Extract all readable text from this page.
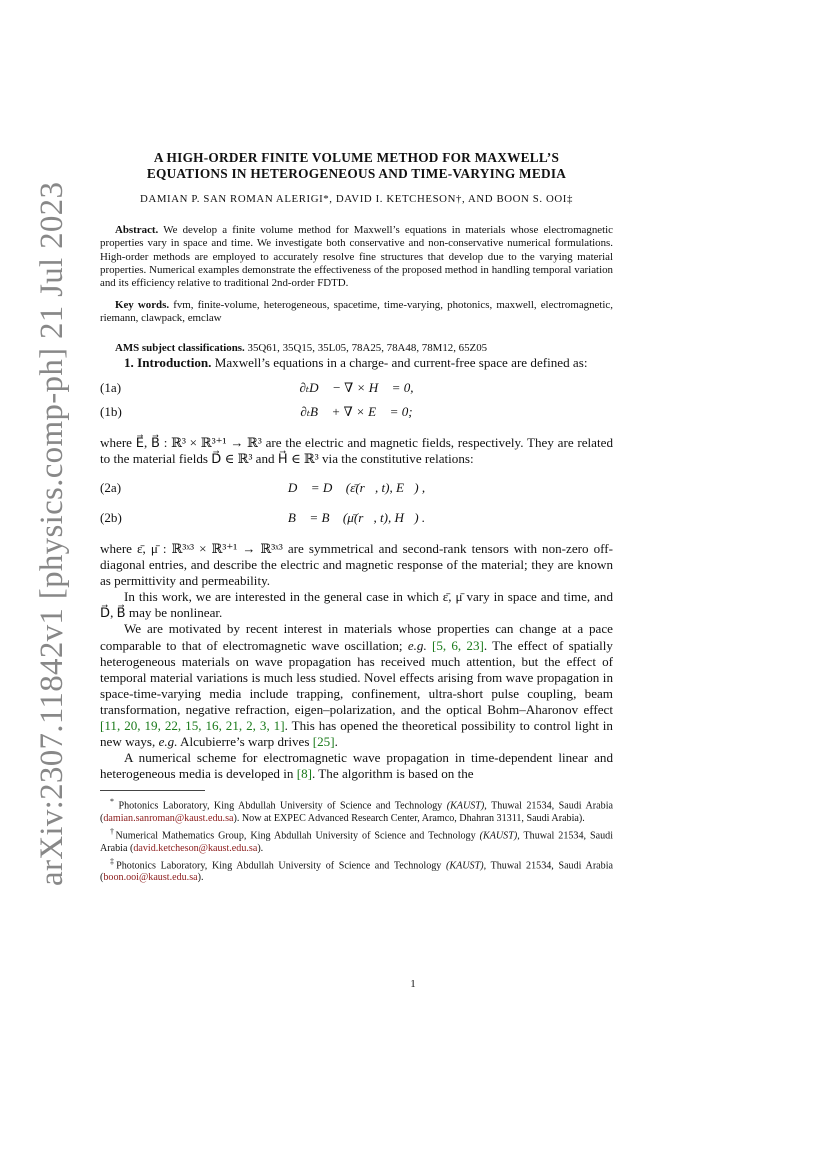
arXiv:2307.11842v1 [physics.comp-ph] 21 Jul 2023
A HIGH-ORDER FINITE VOLUME METHOD FOR MAXWELL’S
EQUATIONS IN HETEROGENEOUS AND TIME-VARYING MEDIA
DAMIAN P. SAN ROMAN ALERIGI*, DAVID I. KETCHESON†, AND BOON S. OOI‡
Abstract. We develop a finite volume method for Maxwell’s equations in materials whose electromagnetic properties vary in space and time. We investigate both conservative and non-conservative numerical formulations. High-order methods are employed to accurately resolve fine structures that develop due to the varying material properties. Numerical examples demonstrate the effectiveness of the proposed method in handling temporal variation and its efficiency relative to traditional 2nd-order FDTD.
Key words. fvm, finite-volume, heterogeneous, spacetime, time-varying, photonics, maxwell, electromagnetic, riemann, clawpack, emclaw
AMS subject classifications. 35Q61, 35Q15, 35L05, 78A25, 78A48, 78M12, 65Z05

1. Introduction. Maxwell’s equations in a charge- and current-free space are defined as:

(1a)	∂ₜD⃗ − ∇ × H⃗ = 0,
(1b)	∂ₜB⃗ + ∇ × E⃗ = 0;

where E⃗, B⃗ : ℝ³ × ℝ³⁺¹ → ℝ³ are the electric and magnetic fields, respectively. They are related to the material fields D⃗ ∈ ℝ³ and H⃗ ∈ ℝ³ via the constitutive relations:

(2a)	D⃗ = D⃗ (ε̄(r⃗, t), E⃗) ,
(2b)	B⃗ = B⃗ (μ̄(r⃗, t), H⃗) .

where ε̄, μ̄ : ℝ³ˣ³ × ℝ³⁺¹ → ℝ³ˣ³ are symmetrical and second-rank tensors with non-zero off-diagonal entries, and describe the electric and magnetic response of the material; they are known as permittivity and permeability.

In this work, we are interested in the general case in which ε̄, μ̄ vary in space and time, and D⃗, B⃗ may be nonlinear.

We are motivated by recent interest in materials whose properties can change at a pace comparable to that of electromagnetic wave oscillation; e.g. [5, 6, 23]. The effect of spatially heterogeneous materials on wave propagation has received much attention, but the effect of temporal material variations is much less studied. Novel effects arising from wave propagation in space-time-varying media include trapping, confinement, ultra-short pulse coupling, beam transformation, negative refraction, eigen–polarization, and the optical Bohm–Aharonov effect [11, 20, 19, 22, 15, 16, 21, 2, 3, 1]. This has opened the theoretical possibility to control light in new ways, e.g. Alcubierre’s warp drives [25].

A numerical scheme for electromagnetic wave propagation in time-dependent linear and heterogeneous media is developed in [8]. The algorithm is based on the

* Photonics Laboratory, King Abdullah University of Science and Technology (KAUST), Thuwal 21534, Saudi Arabia (damian.sanroman@kaust.edu.sa). Now at EXPEC Advanced Research Center, Aramco, Dhahran 31311, Saudi Arabia).
†Numerical Mathematics Group, King Abdullah University of Science and Technology (KAUST), Thuwal 21534, Saudi Arabia (david.ketcheson@kaust.edu.sa).
‡Photonics Laboratory, King Abdullah University of Science and Technology (KAUST), Thuwal 21534, Saudi Arabia (boon.ooi@kaust.edu.sa).
1
